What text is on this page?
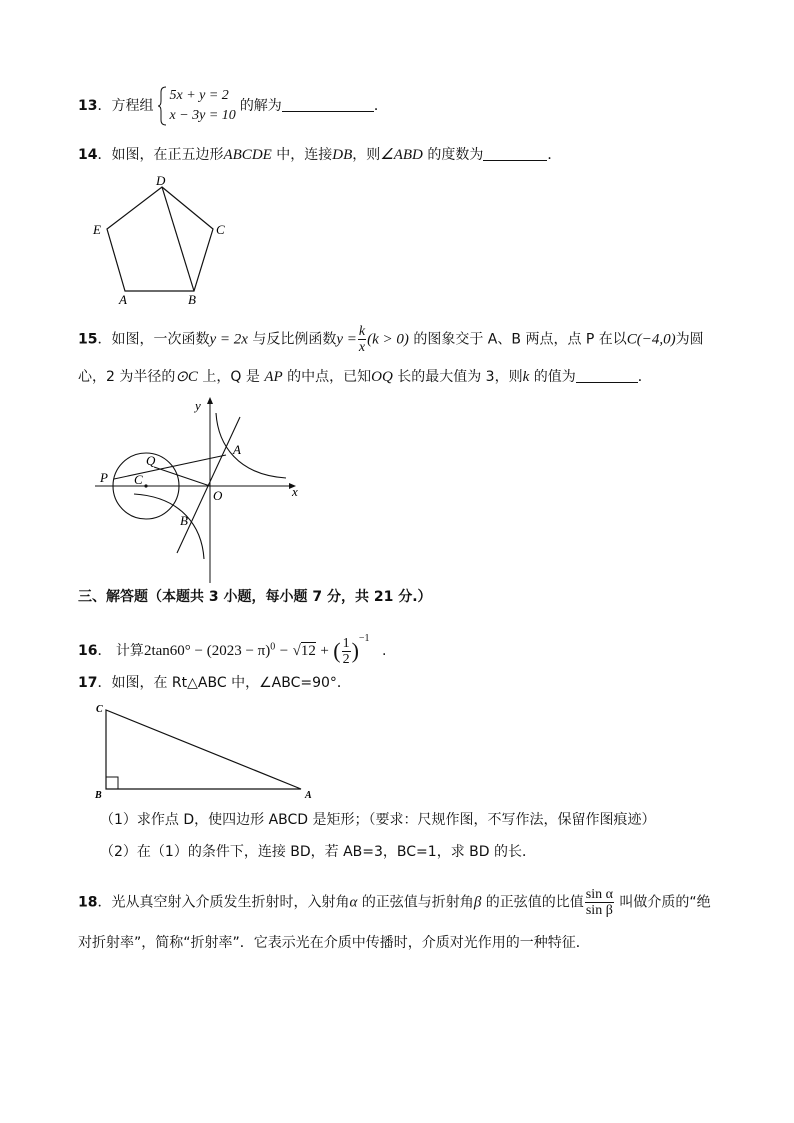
13．方程组
5x + y = 2
x − 3y = 10
的解为	．
14．如图，在正五边形ABCDE 中，连接DB，则∠ABD 的度数为	．
D
E	C
A	B
15．如图，一次函数y = 2x 与反比例函数$y = \frac{k}{x} (k > 0)$ 的图象交于 A、B 两点，点 P 在以C(−4,0)为圆
心，2 为半径的⊙C 上，Q 是 AP 的中点，已知OQ 长的最大值为 3，则k 的值为	．
y
x
O
A
B
P
Q
C
三、解答题（本题共 3 小题，每小题 7 分，共 21 分.）
16． 计算$2\tan 60^\circ - (2023 - \pi)^0 - √12$ + ( $\frac{1}{2} )^{-1}$ .
17．如图，在 Rt△ABC 中，∠ABC=90°．
C
B	A
（1）求作点 D，使四边形 ABCD 是矩形；（要求：尺规作图，不写作法，保留作图痕迹）
（2）在（1）的条件下，连接 BD，若 AB=3，BC=1，求 BD 的长．
18．光从真空射入介质发生折射时，入射角α 的正弦值与折射角β 的正弦值的比值 $\frac{\text{sin α}}{\text{sin β}}$ 叫做介质的“绝
对折射率”，简称“折射率”．它表示光在介质中传播时，介质对光作用的一种特征．
